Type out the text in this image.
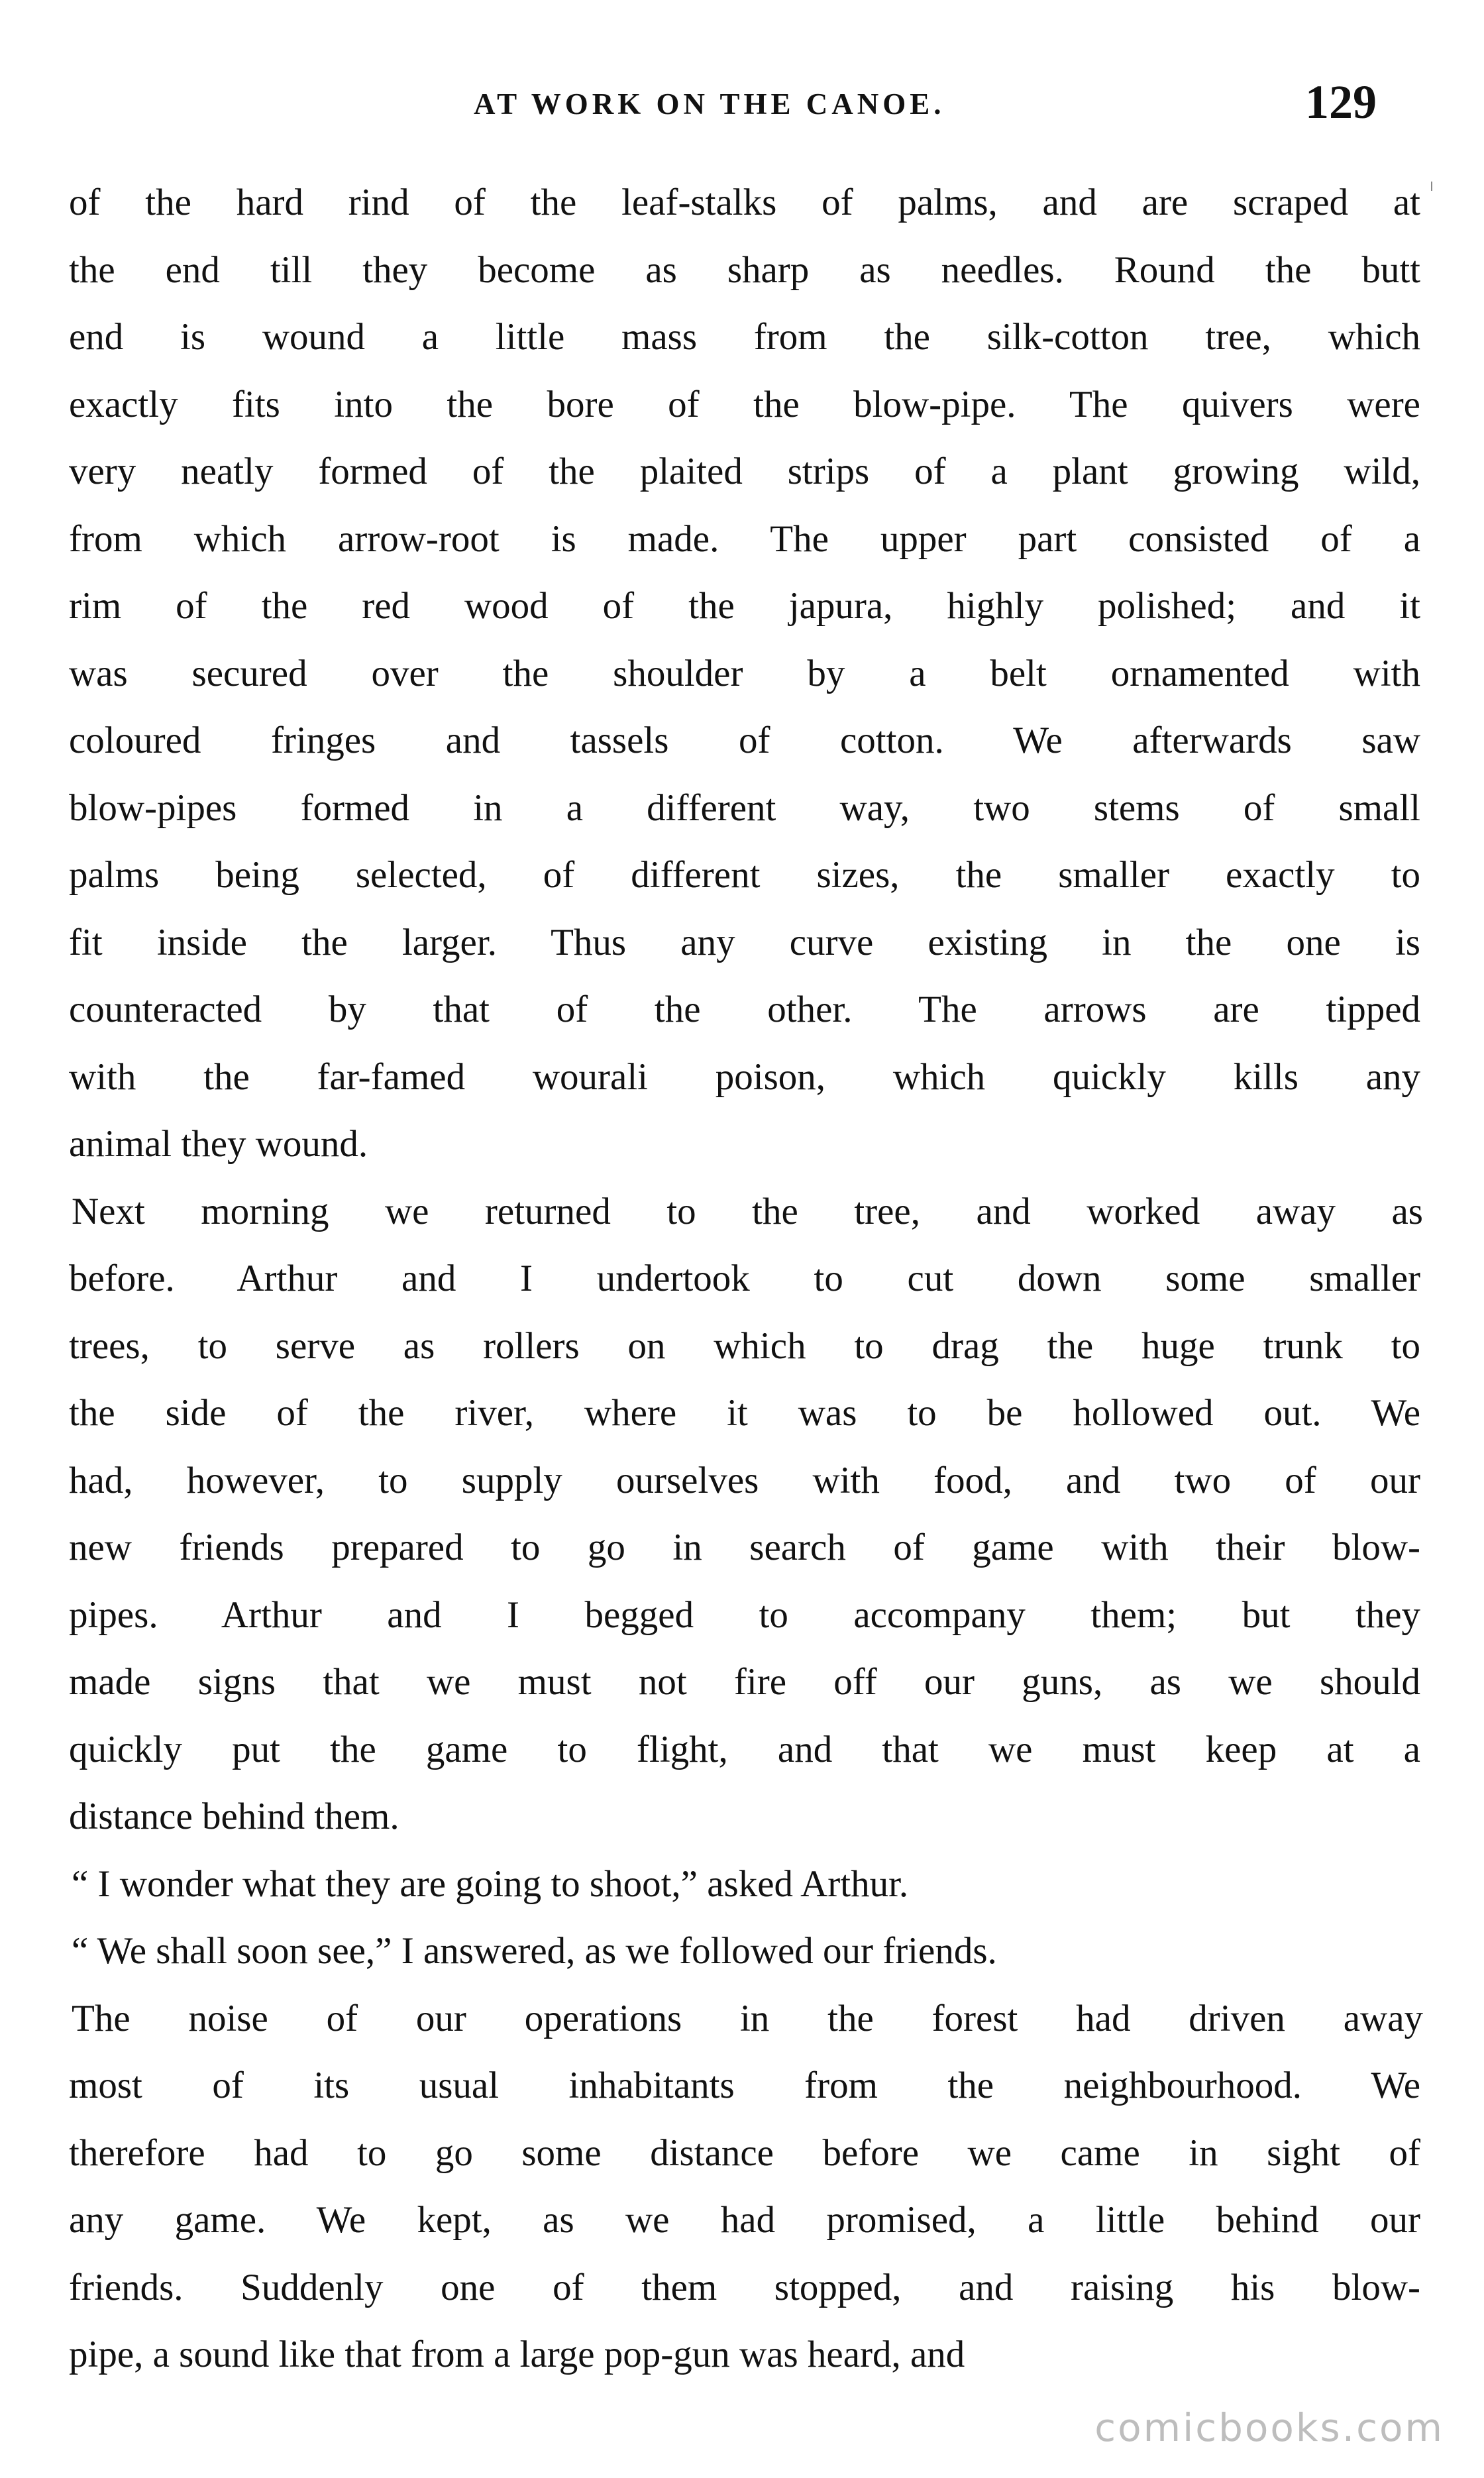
AT WORK ON THE CANOE.	129
of the hard rind of the leaf-stalks of palms, and are scraped at
the end till they become as sharp as needles. Round the butt
end is wound a little mass from the silk-cotton tree, which
exactly fits into the bore of the blow-pipe. The quivers were
very neatly formed of the plaited strips of a plant growing wild,
from which arrow-root is made. The upper part consisted of a
rim of the red wood of the japura, highly polished; and it
was secured over the shoulder by a belt ornamented with
coloured fringes and tassels of cotton. We afterwards saw
blow-pipes formed in a different way, two stems of small
palms being selected, of different sizes, the smaller exactly to
fit inside the larger. Thus any curve existing in the one is
counteracted by that of the other. The arrows are tipped
with the far-famed wourali poison, which quickly kills any
animal they wound.
Next morning we returned to the tree, and worked away as
before. Arthur and I undertook to cut down some smaller
trees, to serve as rollers on which to drag the huge trunk to
the side of the river, where it was to be hollowed out. We
had, however, to supply ourselves with food, and two of our
new friends prepared to go in search of game with their blow-
pipes. Arthur and I begged to accompany them; but they
made signs that we must not fire off our guns, as we should
quickly put the game to flight, and that we must keep at a
distance behind them.
“ I wonder what they are going to shoot,” asked Arthur.
“ We shall soon see,” I answered, as we followed our friends.
The noise of our operations in the forest had driven away
most of its usual inhabitants from the neighbourhood. We
therefore had to go some distance before we came in sight of
any game. We kept, as we had promised, a little behind our
friends. Suddenly one of them stopped, and raising his blow-
pipe, a sound like that from a large pop-gun was heard, and
comicbooks.com
